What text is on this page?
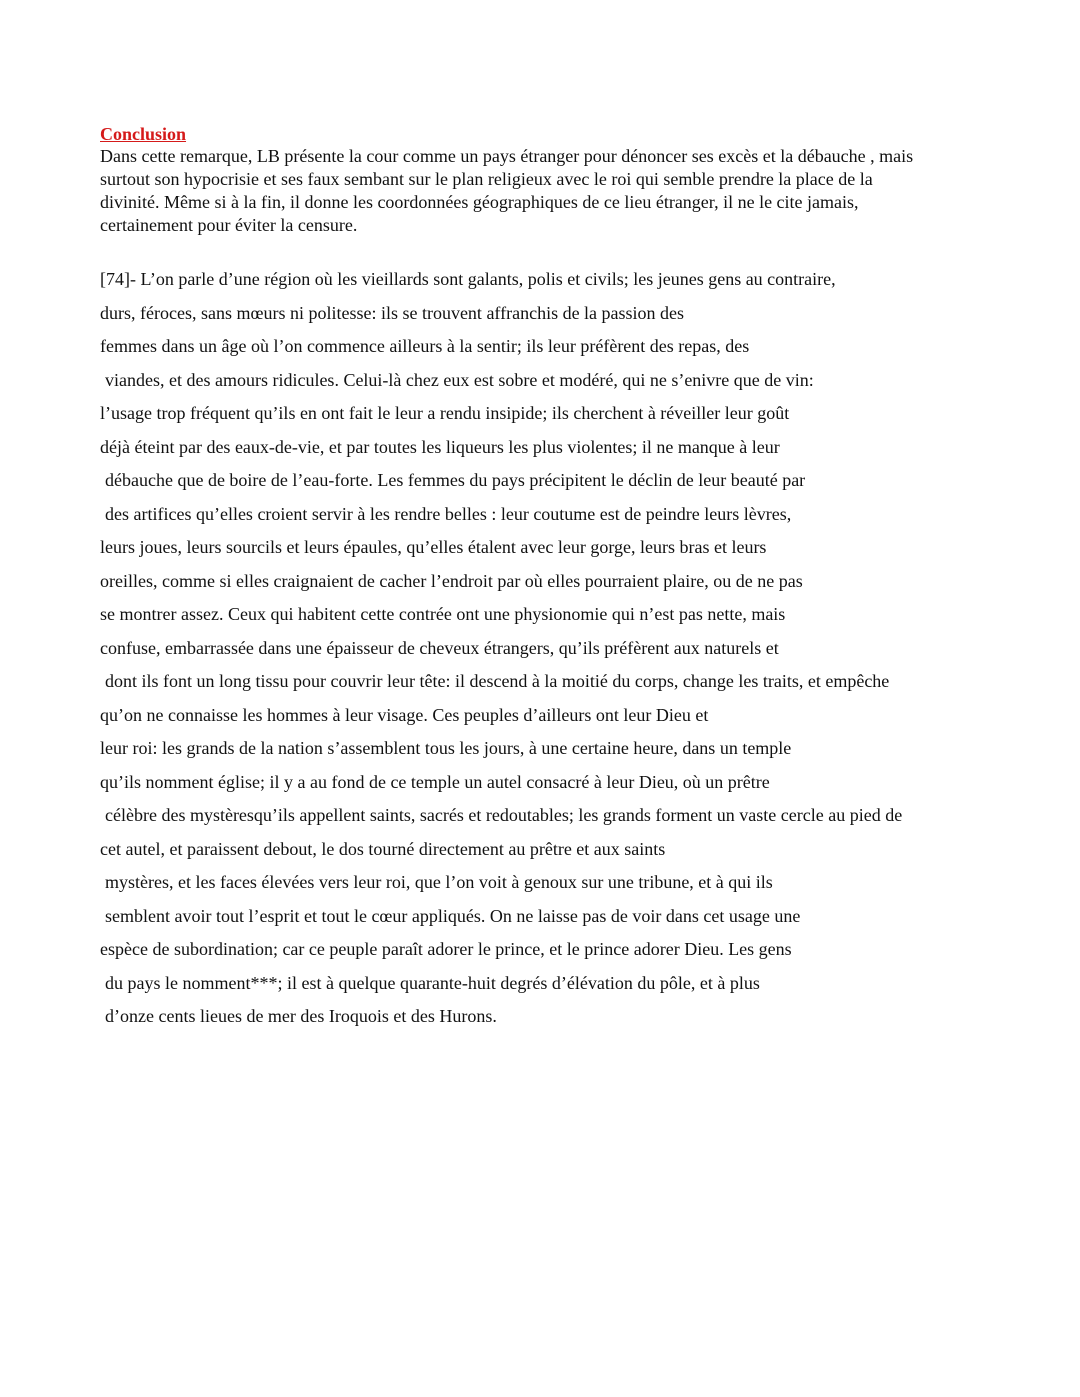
Conclusion
Dans cette remarque, LB présente la cour comme un pays étranger pour dénoncer ses excès et la débauche , mais
surtout son hypocrisie et ses faux sembant sur le plan religieux avec le roi qui semble prendre la place de la
divinité. Même si à la fin, il donne les coordonnées géographiques de ce lieu étranger, il ne le cite jamais,
certainement pour éviter la censure.
[74]- L’on parle d’une région où les vieillards sont galants, polis et civils; les jeunes gens au contraire,
durs, féroces, sans mœurs ni politesse: ils se trouvent affranchis de la passion des
femmes dans un âge où l’on commence ailleurs à la sentir; ils leur préfèrent des repas, des
viandes, et des amours ridicules. Celui-là chez eux est sobre et modéré, qui ne s’enivre que de vin:
l’usage trop fréquent qu’ils en ont fait le leur a rendu insipide; ils cherchent à réveiller leur goût
déjà éteint par des eaux-de-vie, et par toutes les liqueurs les plus violentes; il ne manque à leur
débauche que de boire de l’eau-forte. Les femmes du pays précipitent le déclin de leur beauté par
des artifices qu’elles croient servir à les rendre belles : leur coutume est de peindre leurs lèvres,
leurs joues, leurs sourcils et leurs épaules, qu’elles étalent avec leur gorge, leurs bras et leurs
oreilles, comme si elles craignaient de cacher l’endroit par où elles pourraient plaire, ou de ne pas
se montrer assez. Ceux qui habitent cette contrée ont une physionomie qui n’est pas nette, mais
confuse, embarrassée dans une épaisseur de cheveux étrangers, qu’ils préfèrent aux naturels et
dont ils font un long tissu pour couvrir leur tête: il descend à la moitié du corps, change les traits, et empêche
qu’on ne connaisse les hommes à leur visage. Ces peuples d’ailleurs ont leur Dieu et
leur roi: les grands de la nation s’assemblent tous les jours, à une certaine heure, dans un temple
qu’ils nomment église; il y a au fond de ce temple un autel consacré à leur Dieu, où un prêtre
célèbre des mystèresqu’ils appellent saints, sacrés et redoutables; les grands forment un vaste cercle au pied de
cet autel, et paraissent debout, le dos tourné directement au prêtre et aux saints
mystères, et les faces élevées vers leur roi, que l’on voit à genoux sur une tribune, et à qui ils
semblent avoir tout l’esprit et tout le cœur appliqués. On ne laisse pas de voir dans cet usage une
espèce de subordination; car ce peuple paraît adorer le prince, et le prince adorer Dieu. Les gens
du pays le nomment***; il est à quelque quarante-huit degrés d’élévation du pôle, et à plus
d’onze cents lieues de mer des Iroquois et des Hurons.
